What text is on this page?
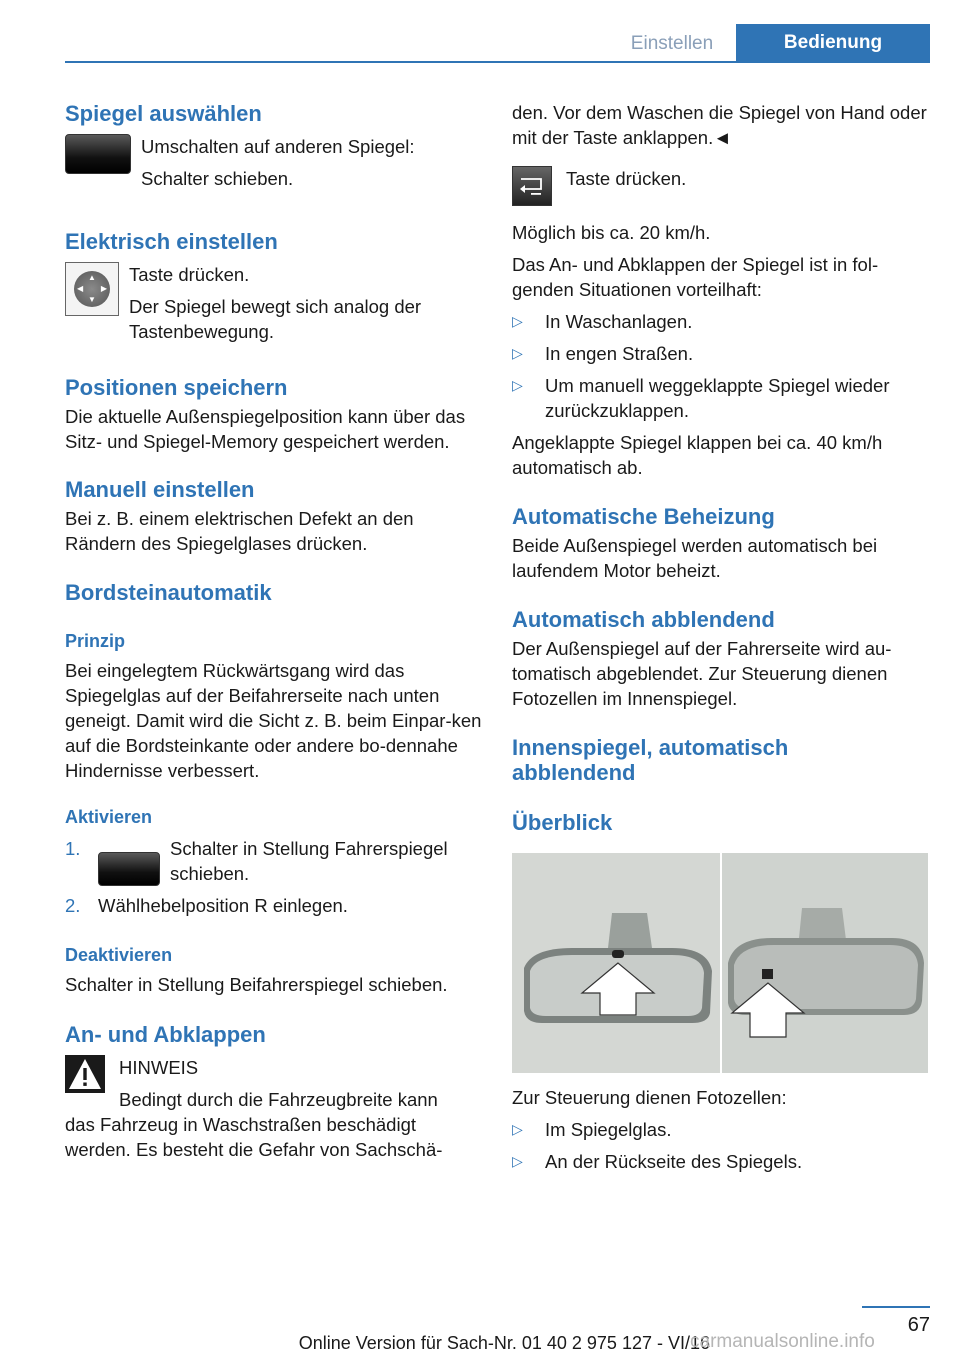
Einstellen	Bedienung
Spiegel auswählen

Umschalten auf anderen Spiegel:

Schalter schieben.

Elektrisch einstellen
▲
▼
◀ ▶

Taste drücken.

Der Spiegel bewegt sich analog der Tastenbewegung.

Positionen speichern

Die aktuelle Außenspiegelposition kann über das Sitz- und Spiegel-Memory gespeichert werden.

Manuell einstellen

Bei z. B. einem elektrischen Defekt an den Rändern des Spiegelglases drücken.

Bordsteinautomatik
Prinzip

Bei eingelegtem Rückwärtsgang wird das Spiegelglas auf der Beifahrerseite nach unten geneigt. Damit wird die Sicht z. B. beim Einpar-ken auf die Bordsteinkante oder andere bo-dennahe Hindernisse verbessert.

Aktivieren
1.	Schalter in Stellung Fahrerspiegel schieben.
2. Wählhebelposition R einlegen.
Deaktivieren

Schalter in Stellung Beifahrerspiegel schieben.

An- und Abklappen

HINWEIS

Bedingt durch die Fahrzeugbreite kann

das Fahrzeug in Waschstraßen beschädigt werden. Es besteht die Gefahr von Sachschä-

den. Vor dem Waschen die Spiegel von Hand oder mit der Taste anklappen.◄

Taste drücken.

Möglich bis ca. 20 km/h.

Das An- und Abklappen der Spiegel ist in fol-genden Situationen vorteilhaft:

▷	In Waschanlagen.
▷	In engen Straßen.
▷	Um manuell weggeklappte Spiegel wieder zurückzuklappen.

Angeklappte Spiegel klappen bei ca. 40 km/h automatisch ab.

Automatische Beheizung

Beide Außenspiegel werden automatisch bei laufendem Motor beheizt.

Automatisch abblendend

Der Außenspiegel auf der Fahrerseite wird au-tomatisch abgeblendet. Zur Steuerung dienen Fotozellen im Innenspiegel.

Innenspiegel, automatisch abblendend
Überblick

Zur Steuerung dienen Fotozellen:

▷	Im Spiegelglas.
▷	An der Rückseite des Spiegels.
67
Online Version für Sach-Nr. 01 40 2 975 127 - VI/16
carmanualsonline.info
